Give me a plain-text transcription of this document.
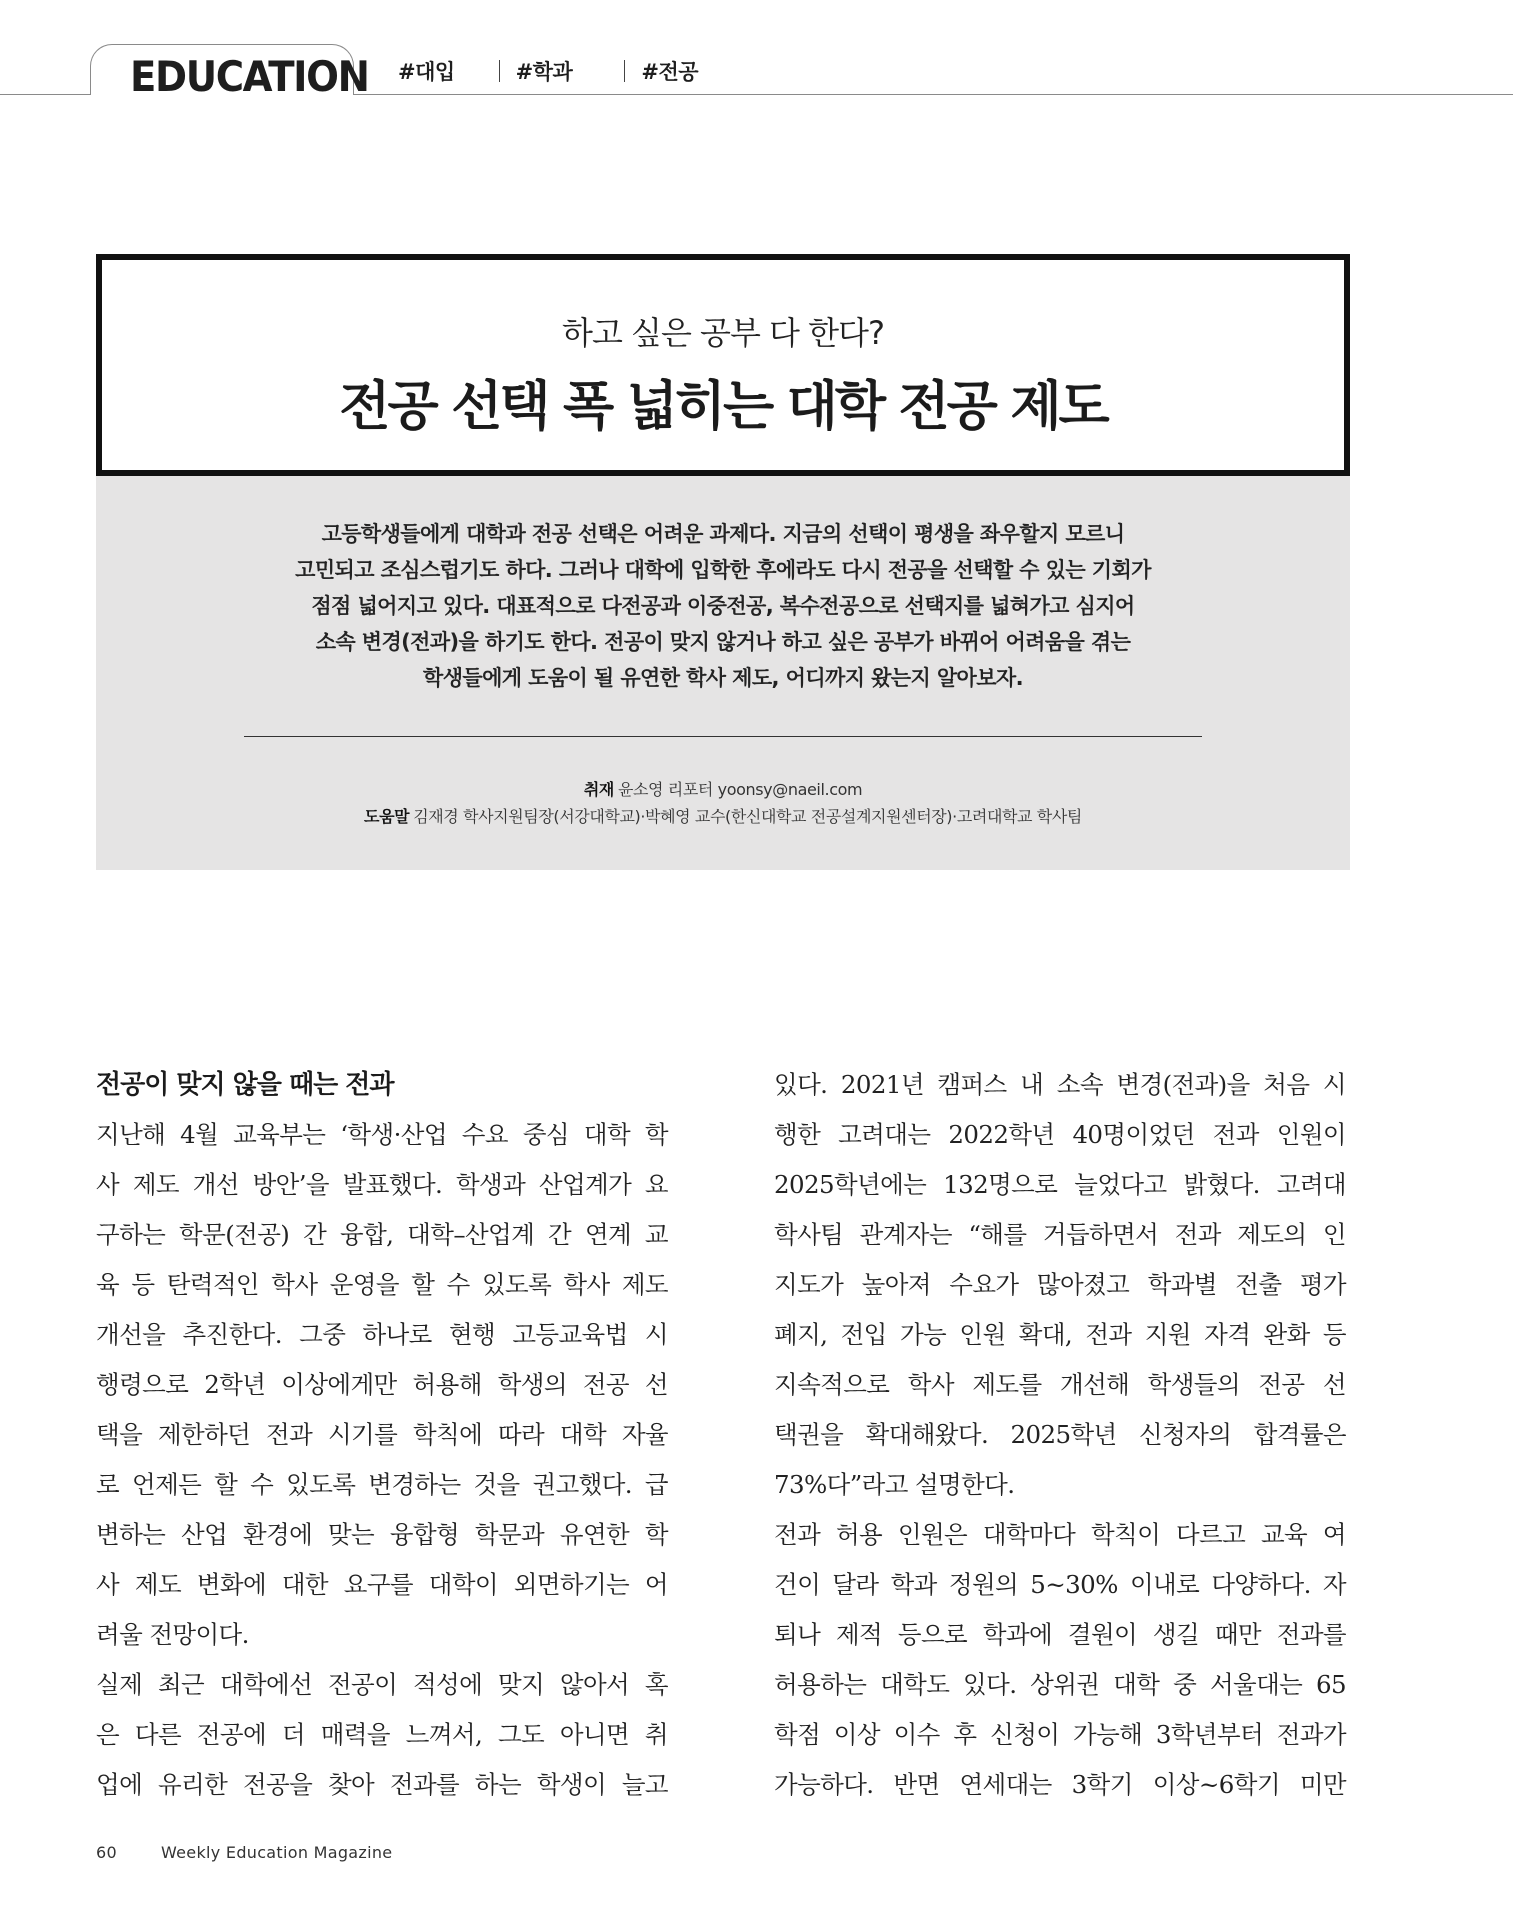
EDUCATION #대입	#학과	#전공
하고 싶은 공부 다 한다?
전공 선택 폭 넓히는 대학 전공 제도
고등학생들에게 대학과 전공 선택은 어려운 과제다. 지금의 선택이 평생을 좌우할지 모르니
고민되고 조심스럽기도 하다. 그러나 대학에 입학한 후에라도 다시 전공을 선택할 수 있는 기회가
점점 넓어지고 있다. 대표적으로 다전공과 이중전공, 복수전공으로 선택지를 넓혀가고 심지어
소속 변경(전과)을 하기도 한다. 전공이 맞지 않거나 하고 싶은 공부가 바뀌어 어려움을 겪는
학생들에게 도움이 될 유연한 학사 제도, 어디까지 왔는지 알아보자.
취재 윤소영 리포터 yoonsy@naeil.com
도움말 김재경 학사지원팀장(서강대학교)·박혜영 교수(한신대학교 전공설계지원센터장)·고려대학교 학사팀
전공이 맞지 않을 때는 전과
지난해 4월 교육부는 ‘학생·산업 수요 중심 대학 학
사 제도 개선 방안’을 발표했다. 학생과 산업계가 요
구하는 학문(전공) 간 융합, 대학–산업계 간 연계 교
육 등 탄력적인 학사 운영을 할 수 있도록 학사 제도
개선을 추진한다. 그중 하나로 현행 고등교육법 시
행령으로 2학년 이상에게만 허용해 학생의 전공 선
택을 제한하던 전과 시기를 학칙에 따라 대학 자율
로 언제든 할 수 있도록 변경하는 것을 권고했다. 급
변하는 산업 환경에 맞는 융합형 학문과 유연한 학
사 제도 변화에 대한 요구를 대학이 외면하기는 어
려울 전망이다.
실제 최근 대학에선 전공이 적성에 맞지 않아서 혹
은 다른 전공에 더 매력을 느껴서, 그도 아니면 취
업에 유리한 전공을 찾아 전과를 하는 학생이 늘고
있다. 2021년 캠퍼스 내 소속 변경(전과)을 처음 시
행한 고려대는 2022학년 40명이었던 전과 인원이
2025학년에는 132명으로 늘었다고 밝혔다. 고려대
학사팀 관계자는 “해를 거듭하면서 전과 제도의 인
지도가 높아져 수요가 많아졌고 학과별 전출 평가
폐지, 전입 가능 인원 확대, 전과 지원 자격 완화 등
지속적으로 학사 제도를 개선해 학생들의 전공 선
택권을 확대해왔다. 2025학년 신청자의 합격률은
73%다”라고 설명한다.
전과 허용 인원은 대학마다 학칙이 다르고 교육 여
건이 달라 학과 정원의 5~30% 이내로 다양하다. 자
퇴나 제적 등으로 학과에 결원이 생길 때만 전과를
허용하는 대학도 있다. 상위권 대학 중 서울대는 65
학점 이상 이수 후 신청이 가능해 3학년부터 전과가
가능하다. 반면 연세대는 3학기 이상~6학기 미만
60	Weekly Education Magazine
